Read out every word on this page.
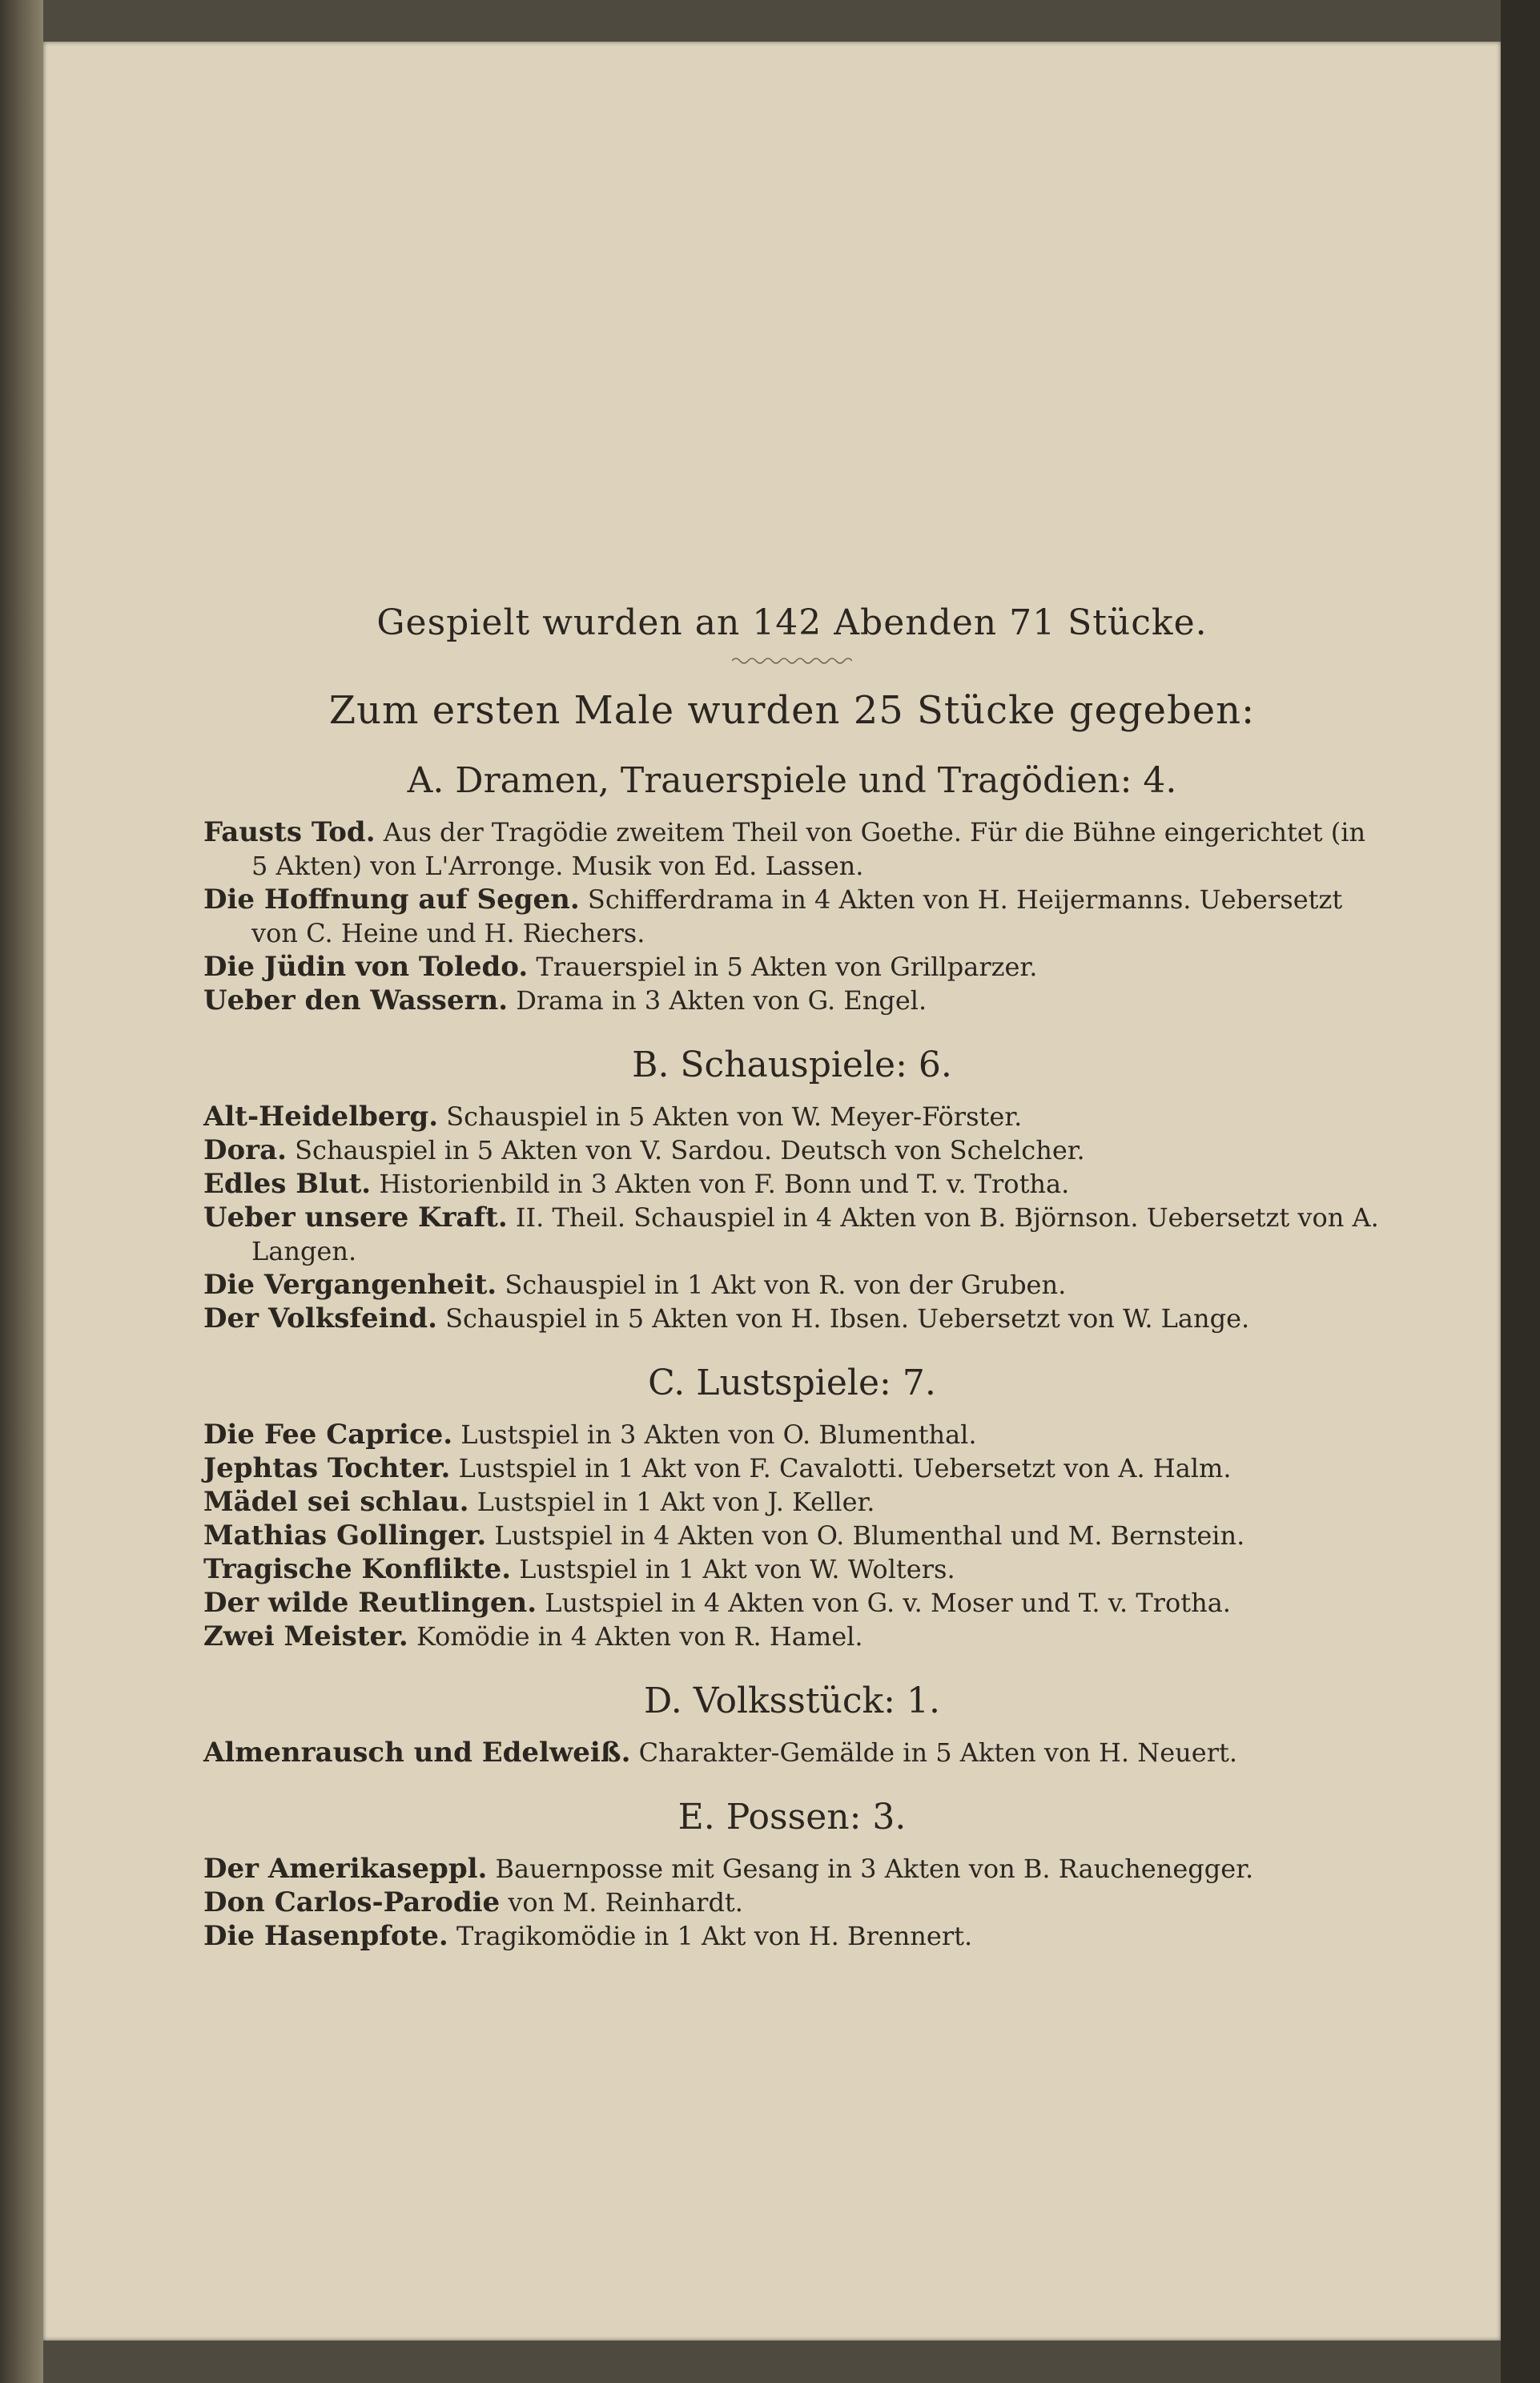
Gespielt wurden an 142 Abenden 71 Stücke.

Zum ersten Male wurden 25 Stücke gegeben:

A. Dramen, Trauerspiele und Tragödien: 4.

Fausts Tod. Aus der Tragödie zweitem Theil von Goethe. Für die Bühne eingerichtet (in 5 Akten) von L'Arronge. Musik von Ed. Lassen.

Die Hoffnung auf Segen. Schifferdrama in 4 Akten von H. Heijermanns. Uebersetzt von C. Heine und H. Riechers.

Die Jüdin von Toledo. Trauerspiel in 5 Akten von Grillparzer.

Ueber den Wassern. Drama in 3 Akten von G. Engel.

B. Schauspiele: 6.

Alt-Heidelberg. Schauspiel in 5 Akten von W. Meyer-Förster.

Dora. Schauspiel in 5 Akten von V. Sardou. Deutsch von Schelcher.

Edles Blut. Historienbild in 3 Akten von F. Bonn und T. v. Trotha.

Ueber unsere Kraft. II. Theil. Schauspiel in 4 Akten von B. Björnson. Uebersetzt von A. Langen.

Die Vergangenheit. Schauspiel in 1 Akt von R. von der Gruben.

Der Volksfeind. Schauspiel in 5 Akten von H. Ibsen. Uebersetzt von W. Lange.

C. Lustspiele: 7.

Die Fee Caprice. Lustspiel in 3 Akten von O. Blumenthal.

Jephtas Tochter. Lustspiel in 1 Akt von F. Cavalotti. Uebersetzt von A. Halm.

Mädel sei schlau. Lustspiel in 1 Akt von J. Keller.

Mathias Gollinger. Lustspiel in 4 Akten von O. Blumenthal und M. Bernstein.

Tragische Konflikte. Lustspiel in 1 Akt von W. Wolters.

Der wilde Reutlingen. Lustspiel in 4 Akten von G. v. Moser und T. v. Trotha.

Zwei Meister. Komödie in 4 Akten von R. Hamel.

D. Volksstück: 1.

Almenrausch und Edelweiß. Charakter-Gemälde in 5 Akten von H. Neuert.

E. Possen: 3.

Der Amerikaseppl. Bauernposse mit Gesang in 3 Akten von B. Rauchenegger.

Don Carlos-Parodie von M. Reinhardt.

Die Hasenpfote. Tragikomödie in 1 Akt von H. Brennert.
